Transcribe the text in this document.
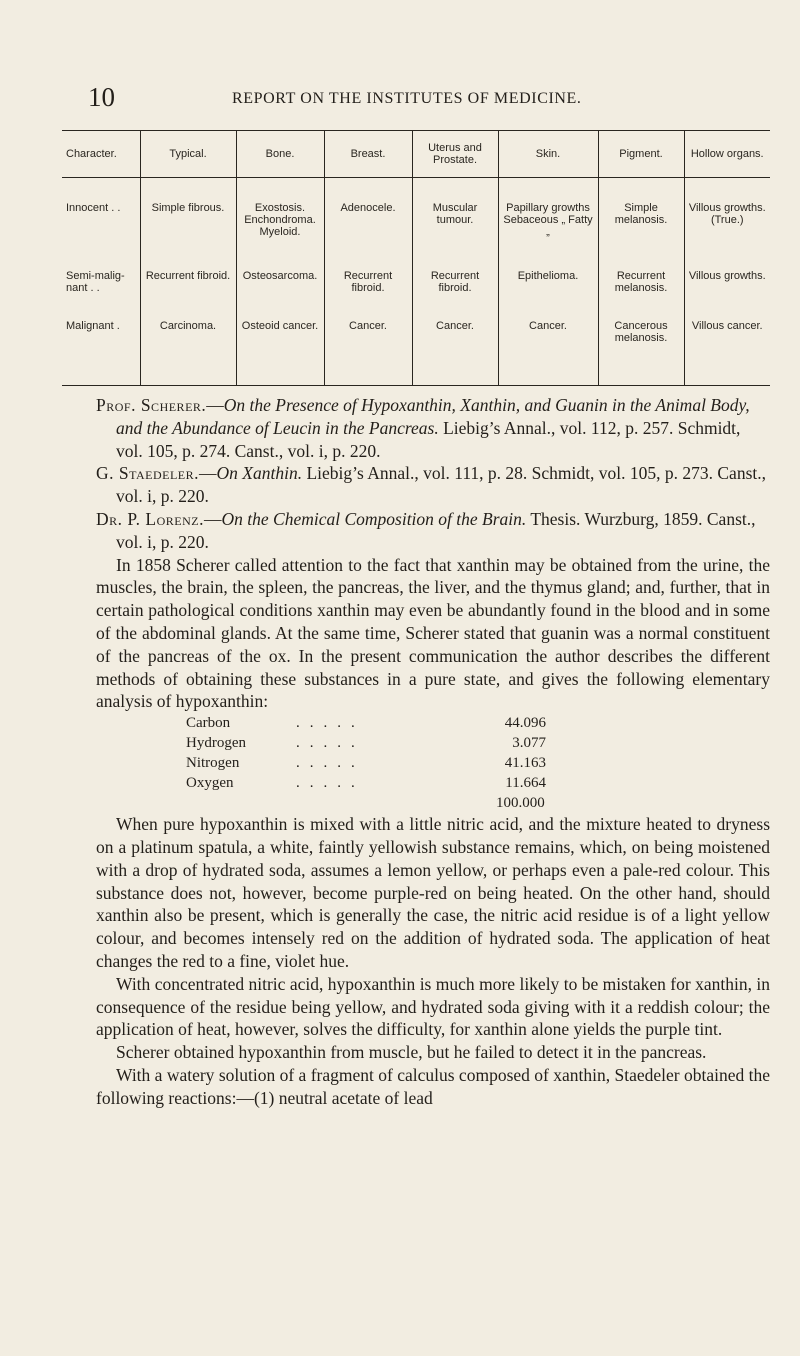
10	REPORT ON THE INSTITUTES OF MEDICINE.
Character.	Typical.	Bone.	Breast.	Uterus and Prostate.	Skin.	Pigment.	Hollow organs.
Innocent . .	Simple fibrous.	Exostosis. Enchondroma. Myeloid.	Adenocele.	Muscular tumour.	Papillary growths Sebaceous „ Fatty „	Simple melanosis.	Villous growths. (True.)
Semi-malig-nant . .	Recurrent fibroid.	Osteosarcoma.	Recurrent fibroid.	Recurrent fibroid.	Epithelioma.	Recurrent melanosis.	Villous growths.
Malignant .	Carcinoma.	Osteoid cancer.	Cancer.	Cancer.	Cancer.	Cancerous melanosis.	Villous cancer.

Prof. Scherer.—On the Presence of Hypoxanthin, Xanthin, and Guanin in the Animal Body, and the Abundance of Leucin in the Pancreas. Liebig’s Annal., vol. 112, p. 257. Schmidt, vol. 105, p. 274. Canst., vol. i, p. 220.

G. Staedeler.—On Xanthin. Liebig’s Annal., vol. 111, p. 28. Schmidt, vol. 105, p. 273. Canst., vol. i, p. 220.

Dr. P. Lorenz.—On the Chemical Composition of the Brain. Thesis. Wurzburg, 1859. Canst., vol. i, p. 220.

In 1858 Scherer called attention to the fact that xanthin may be obtained from the urine, the muscles, the brain, the spleen, the pancreas, the liver, and the thymus gland; and, further, that in certain pathological conditions xanthin may even be abundantly found in the blood and in some of the abdominal glands. At the same time, Scherer stated that guanin was a normal constituent of the pancreas of the ox. In the present communication the author describes the different methods of obtaining these substances in a pure state, and gives the following elementary analysis of hypoxanthin:

Carbon	.....	44.096
Hydrogen	.....	3.077
Nitrogen	.....	41.163
Oxygen	.....	11.664
100.000

When pure hypoxanthin is mixed with a little nitric acid, and the mixture heated to dryness on a platinum spatula, a white, faintly yellowish substance remains, which, on being moistened with a drop of hydrated soda, assumes a lemon yellow, or perhaps even a pale-red colour. This substance does not, however, become purple-red on being heated. On the other hand, should xanthin also be present, which is generally the case, the nitric acid residue is of a light yellow colour, and becomes intensely red on the addition of hydrated soda. The application of heat changes the red to a fine, violet hue.

With concentrated nitric acid, hypoxanthin is much more likely to be mistaken for xanthin, in consequence of the residue being yellow, and hydrated soda giving with it a reddish colour; the application of heat, however, solves the difficulty, for xanthin alone yields the purple tint.

Scherer obtained hypoxanthin from muscle, but he failed to detect it in the pancreas.

With a watery solution of a fragment of calculus composed of xanthin, Staedeler obtained the following reactions:—(1) neutral acetate of lead
